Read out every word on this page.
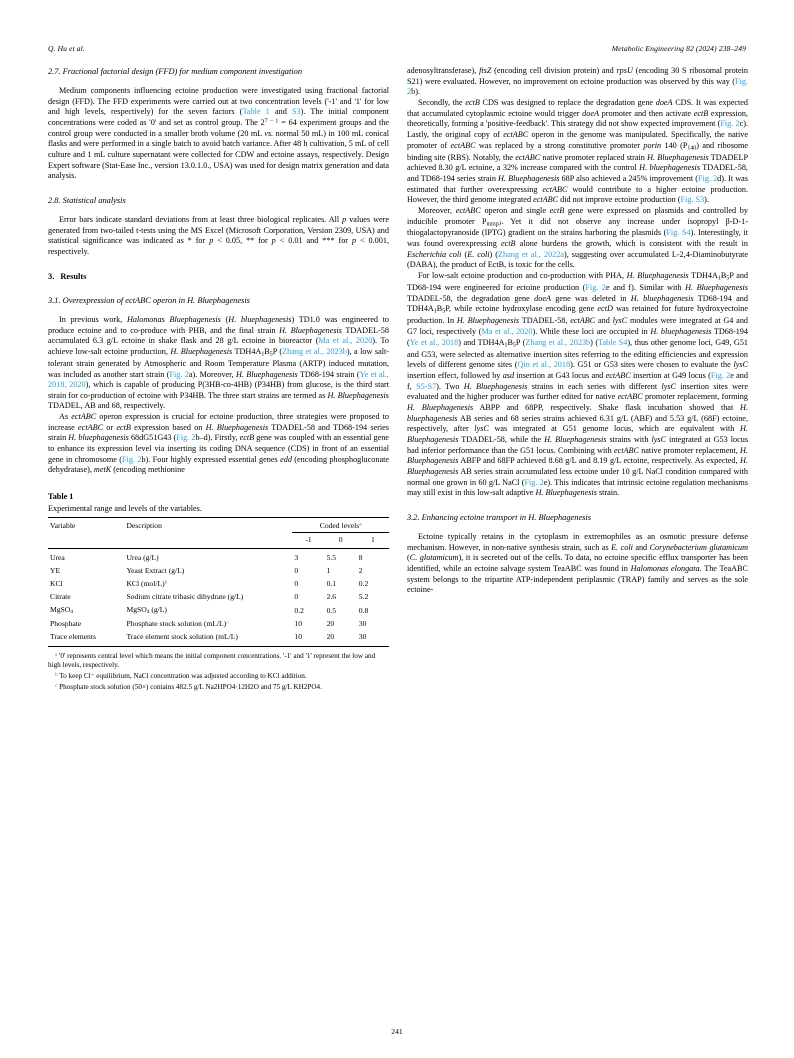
Q. Hu et al.	Metabolic Engineering 82 (2024) 238–249
2.7. Fractional factorial design (FFD) for medium component investigation

Medium components influencing ectoine production were investigated using fractional factorial design (FFD). The FFD experiments were carried out at two concentration levels ('-1' and '1' for low and high levels, respectively) for the seven factors (Table 1 and S3). The initial component concentrations were coded as '0' and set as control group. The $2^{7 - 1} = 64$ experiment groups and the control group were conducted in a smaller broth volume (20 mL vs. normal 50 mL) in 100 mL conical flasks and were performed in a single batch to avoid batch variance. After 48 h cultivation, 5 mL of cell culture and 1 mL culture supernatant were collected for CDW and ectoine assays, respectively. Design Expert software (Stat-Ease Inc., version 13.0.1.0., USA) was used for design matrix generation and data analysis.

2.8. Statistical analysis

Error bars indicate standard deviations from at least three biological replicates. All p values were generated from two-tailed t-tests using the MS Excel (Microsoft Corporation, Version 2309, USA) and statistical significance was indicated as * for p < 0.05, ** for p < 0.01 and *** for p < 0.001, respectively.

3. Results
3.1. Overexpression of ectABC operon in H. Bluephagenesis

In previous work, Halomonas Bluephagenesis (H. bluephagenesis) TD1.0 was engineered to produce ectoine and to co-produce with PHB, and the final strain H. Bluephagenesis TDADEL-58 accumulated 6.3 g/L ectoine in shake flask and 28 g/L ectoine in bioreactor (Ma et al., 2020). To achieve low-salt ectoine production, H. Bluephagenesis $TDH4A_1B_5P$ (Zhang et al., 2023b), a low salt-tolerant strain generated by Atmospheric and Room Temperature Plasma (ARTP) induced mutation, was included as another start strain (Fig. 2a). Moreover, H. Bluephagenesis TD68-194 strain (Ye et al., 2018, 2020), which is capable of producing P(3HB-co-4HB) (P34HB) from glucose, is the third start strain for co-production of ectoine with P34HB. The three start strains are termed as H. Bluephagenesis TDADEL, AB and 68, respectively.

As ectABC operon expression is crucial for ectoine production, three strategies were proposed to increase ectABC or ectB expression based on H. Bluephagenesis TDADEL-58 and TD68-194 series strain H. bluephagenesis 68dG51G43 (Fig. 2b–d). Firstly, ectB gene was coupled with an essential gene to enhance its expression level via inserting its coding DNA sequence (CDS) in front of an essential gene in chromosome (Fig. 2b). Four highly expressed essential genes edd (encoding phosphogluconate dehydratase), metK (encoding methionine

Table 1
Experimental range and levels of the variables.
Variable	Description	Coded levels$^a$
		-1	0	1
Urea	Urea (g/L)	3	5.5	8
YE	Yeast Extract (g/L)	0	1	2
KCl	KCl $(mol/L)^b$	0	0.1	0.2
Citrate	Sodium citrate tribasic dihydrate (g/L)	0	2.6	5.2
MgSO$_4$	MgSO$_4$ (g/L)	0.2	0.5	0.8
Phosphate	Phosphate stock solution $(mL/L)^c$	10	20	30
Trace elements	Trace element stock solution (mL/L)	10	20	30

$^a$ '0' represents central level which means the initial component concentrations. '-1' and '1' represent the low and high levels, respectively.

$^b$ To keep Cl⁻ equilibrium, NaCl concentration was adjusted according to KCl addition.

$^c$ Phosphate stock solution (50×) contains 482.5 g/L Na2HPO4·12H2O and 75 g/L KH2PO4.				

adenosyltransferase), ftsZ (encoding cell division protein) and rpsU (encoding 30 S ribosomal protein S21) were evaluated. However, no improvement on ectoine production was observed by this way (Fig. 2b).

Secondly, the ectB CDS was designed to replace the degradation gene doeA CDS. It was expected that accumulated cytoplasmic ectoine would trigger doeA promoter and then activate ectB expression, theoretically, forming a 'positive-feedback'. This strategy did not show expected improvement (Fig. 2c). Lastly, the original copy of ectABC operon in the genome was manipulated. Specifically, the native promoter of ectABC was replaced by a strong constitutive promoter porin 140 $(P_{140})$ and ribosome binding site (RBS). Notably, the ectABC native promoter replaced strain H. Bluephagenesis TDADELP achieved 8.30 g/L ectoine, a 32% increase compared with the control H. bluephagenesis TDADEL-58, and TD68-194 series strain H. Bluephagenesis 68P also achieved a 245% improvement (Fig. 2d). It was estimated that further overexpressing ectABC would contribute to a higher ectoine production. However, the third genome integrated ectABC did not improve ectoine production (Fig. S3).

Moreover, ectABC operon and single ectB gene were expressed on plasmids and controlled by inducible promoter $P_{mmpJ}$. Yet it did not observe any increase under isopropyl β-D-1-thiogalactopyranoside (IPTG) gradient on the strains harboring the plasmids (Fig. S4). Interestingly, it was found overexpressing ectB alone burdens the growth, which is consistent with the result in Escherichia coli (E. coli) (Zhang et al., 2022a), suggesting over accumulated L-2,4-Diaminobutyrate (DABA), the product of EctB, is toxic for the cells.

For low-salt ectoine production and co-production with PHA, H. Bluephagenesis $TDH4A_1B_5P$ and TD68-194 were engineered for ectoine production (Fig. 2e and f). Similar with H. Bluephagenesis TDADEL-58, the degradation gene doeA gene was deleted in H. bluephagenesis TD68-194 and $TDH4A_1B_5P$, while ectoine hydroxylase encoding gene ectD was retained for future hydroxyectoine production. In H. Bluephagenesis TDADEL-58, ectABC and lysC modules were integrated at G4 and G7 loci, respectively (Ma et al., 2020). While these loci are occupied in H. bluephagenesis TD68-194 (Ye et al., 2018) and $TDH4A_1B_5P$ (Zhang et al., 2023b) (Table S4), thus other genome loci, G49, G51 and G53, were selected as alternative insertion sites referring to the editing efficiencies and expression levels of different genome sites (Qin et al., 2018). G51 or G53 sites were chosen to evaluate the lysC insertion effect, followed by asd insertion at G43 locus and ectABC insertion at G49 locus (Fig. 2e and f, S5-S7). Two H. Bluephagenesis strains in each series with different lysC insertion sites were evaluated and the higher producer was further edited for native ectABC promoter replacement, forming H. Bluephagenesis ABPP and 68PP, respectively. Shake flask incubation showed that H. bluephagenesis AB series and 68 series strains achieved 6.31 g/L (ABF) and 5.53 g/L (68F) ectoine, respectively, after lysC was integrated at G51 genome locus, which are equivalent with H. Bluephagenesis TDADEL-58, while the H. Bluephagenesis strains with lysC integrated at G53 locus had inferior performance than the G51 locus. Combining with ectABC native promoter replacement, H. Bluephagenesis ABFP and 68FP achieved 8.68 g/L and 8.19 g/L ectoine, respectively. As expected, H. Bluephagenesis AB series strain accumulated less ectoine under 10 g/L NaCl condition compared with normal one grown in 60 g/L NaCl (Fig. 2e). This indicates that intrinsic ectoine regulation mechanisms may still exist in this low-salt adaptive H. Bluephagenesis strain.

3.2. Enhancing ectoine transport in H. Bluephagenesis

Ectoine typically retains in the cytoplasm in extremophiles as an osmotic pressure defense mechanism. However, in non-native synthesis strain, such as E. coli and Corynebacterium glutamicum (C. glutamicum), it is secreted out of the cells. To data, no ectoine specific efflux transporter has been identified, while an ectoine salvage system TeaABC was found in Halomonas elongata. The TeaABC system belongs to the tripartite ATP-independent periplasmic (TRAP) family and serves as the sole ectoine-

241
